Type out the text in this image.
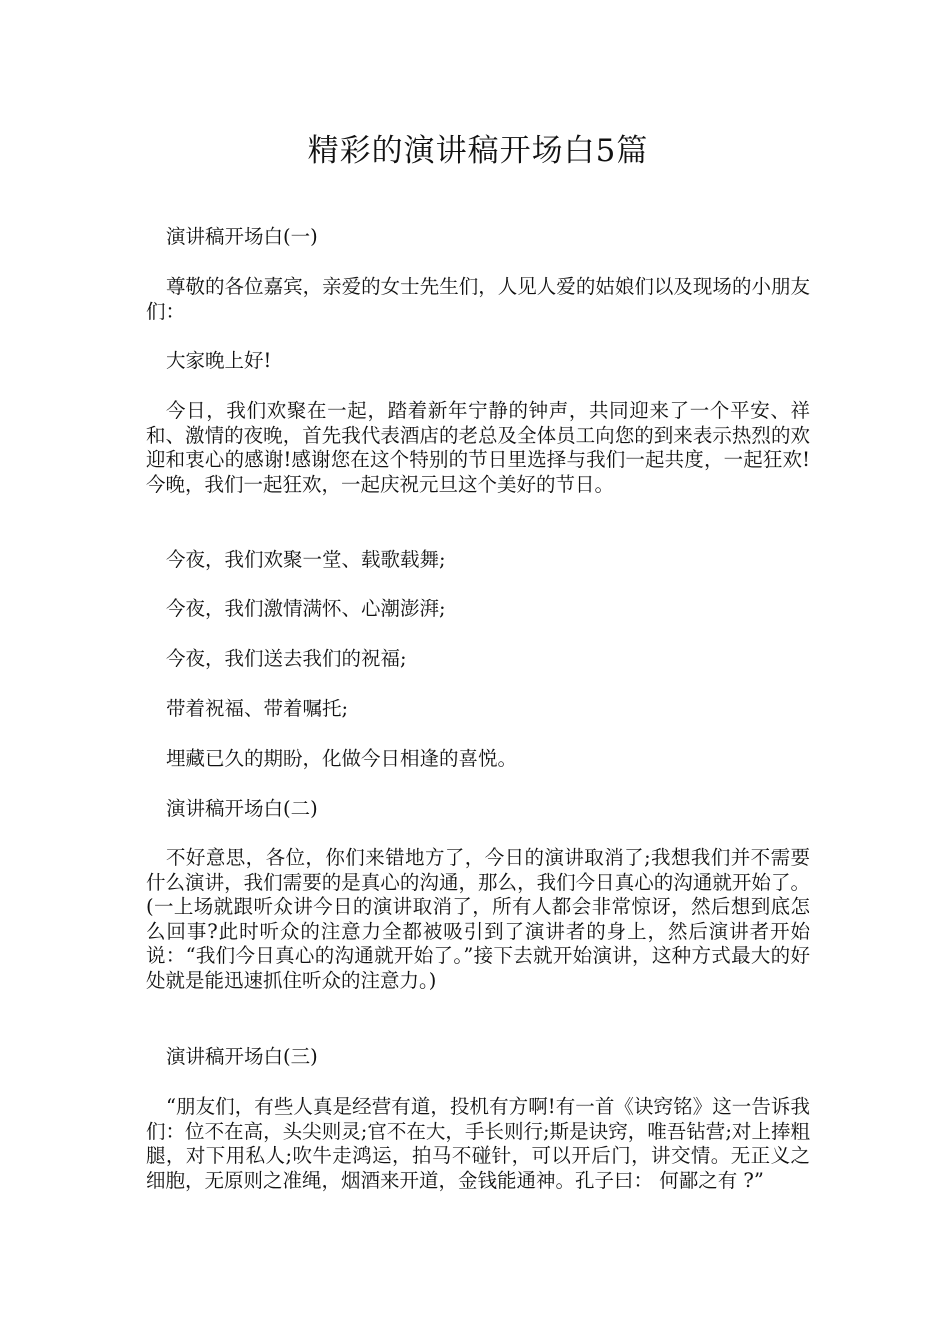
精彩的演讲稿开场白5篇

演讲稿开场白(一)

尊敬的各位嘉宾，亲爱的女士先生们，人见人爱的姑娘们以及现场的小朋友们：

大家晚上好!

今日，我们欢聚在一起，踏着新年宁静的钟声，共同迎来了一个平安、祥和、激情的夜晚，首先我代表酒店的老总及全体员工向您的到来表示热烈的欢迎和衷心的感谢!感谢您在这个特别的节日里选择与我们一起共度，一起狂欢!今晚，我们一起狂欢，一起庆祝元旦这个美好的节日。

今夜，我们欢聚一堂、载歌载舞;

今夜，我们激情满怀、心潮澎湃;

今夜，我们送去我们的祝福;

带着祝福、带着嘱托;

埋藏已久的期盼，化做今日相逢的喜悦。

演讲稿开场白(二)

不好意思，各位，你们来错地方了，今日的演讲取消了;我想我们并不需要什么演讲，我们需要的是真心的沟通，那么，我们今日真心的沟通就开始了。(一上场就跟听众讲今日的演讲取消了，所有人都会非常惊讶，然后想到底怎么回事?此时听众的注意力全都被吸引到了演讲者的身上，然后演讲者开始说：“我们今日真心的沟通就开始了。”接下去就开始演讲，这种方式最大的好处就是能迅速抓住听众的注意力。)

演讲稿开场白(三)

“朋友们，有些人真是经营有道，投机有方啊!有一首《诀窍铭》这一告诉我们：位不在高，头尖则灵;官不在大，手长则行;斯是诀窍，唯吾钻营;对上捧粗腿，对下用私人;吹牛走鸿运，拍马不碰针，可以开后门，讲交情。无正义之细胞，无原则之准绳，烟酒来开道，金钱能通神。孔子曰： 何鄙之有 ?”
